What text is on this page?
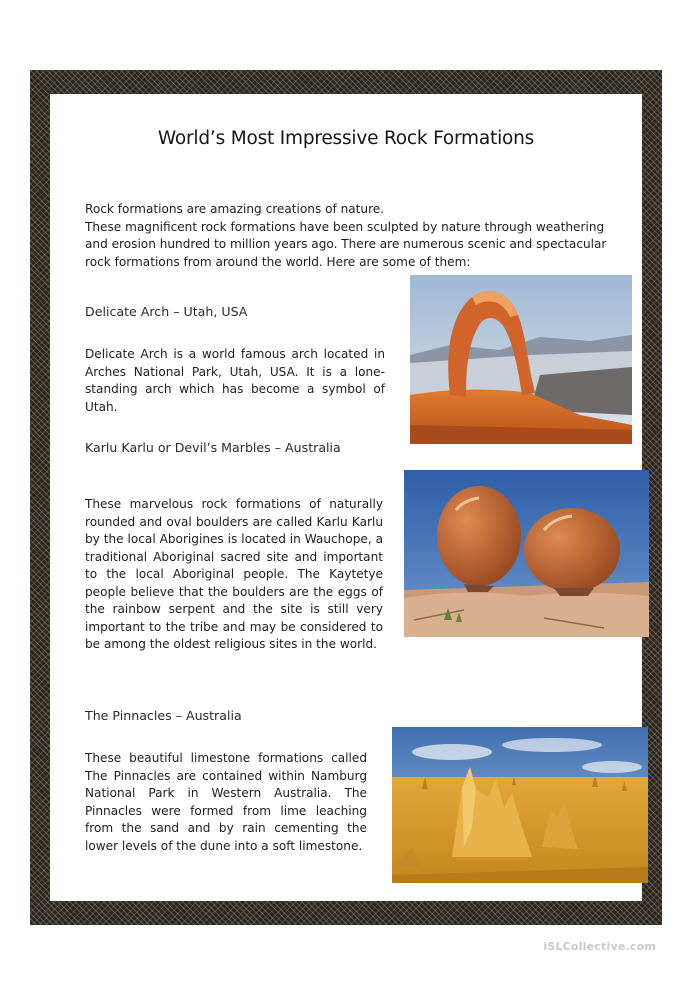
World’s Most Impressive Rock Formations
Rock formations are amazing creations of nature.
These magnificent rock formations have been sculpted by nature through weathering and erosion hundred to million years ago. There are numerous scenic and spectacular rock formations from around the world. Here are some of them:
Delicate Arch – Utah, USA
Delicate Arch is a world famous arch located in Arches National Park, Utah, USA. It is a lone-standing arch which has become a symbol of Utah.
Karlu Karlu or Devil’s Marbles – Australia
These marvelous rock formations of naturally rounded and oval boulders are called Karlu Karlu by the local Aborigines is located in Wauchope, a traditional Aboriginal sacred site and important to the local Aboriginal people. The Kaytetye people believe that the boulders are the eggs of the rainbow serpent and the site is still very important to the tribe and may be considered to be among the oldest religious sites in the world.
The Pinnacles – Australia
These beautiful limestone formations called The Pinnacles are contained within Namburg National Park in Western Australia. The Pinnacles were formed from lime leaching from the sand and by rain cementing the lower levels of the dune into a soft limestone.
iSLCollective.com
